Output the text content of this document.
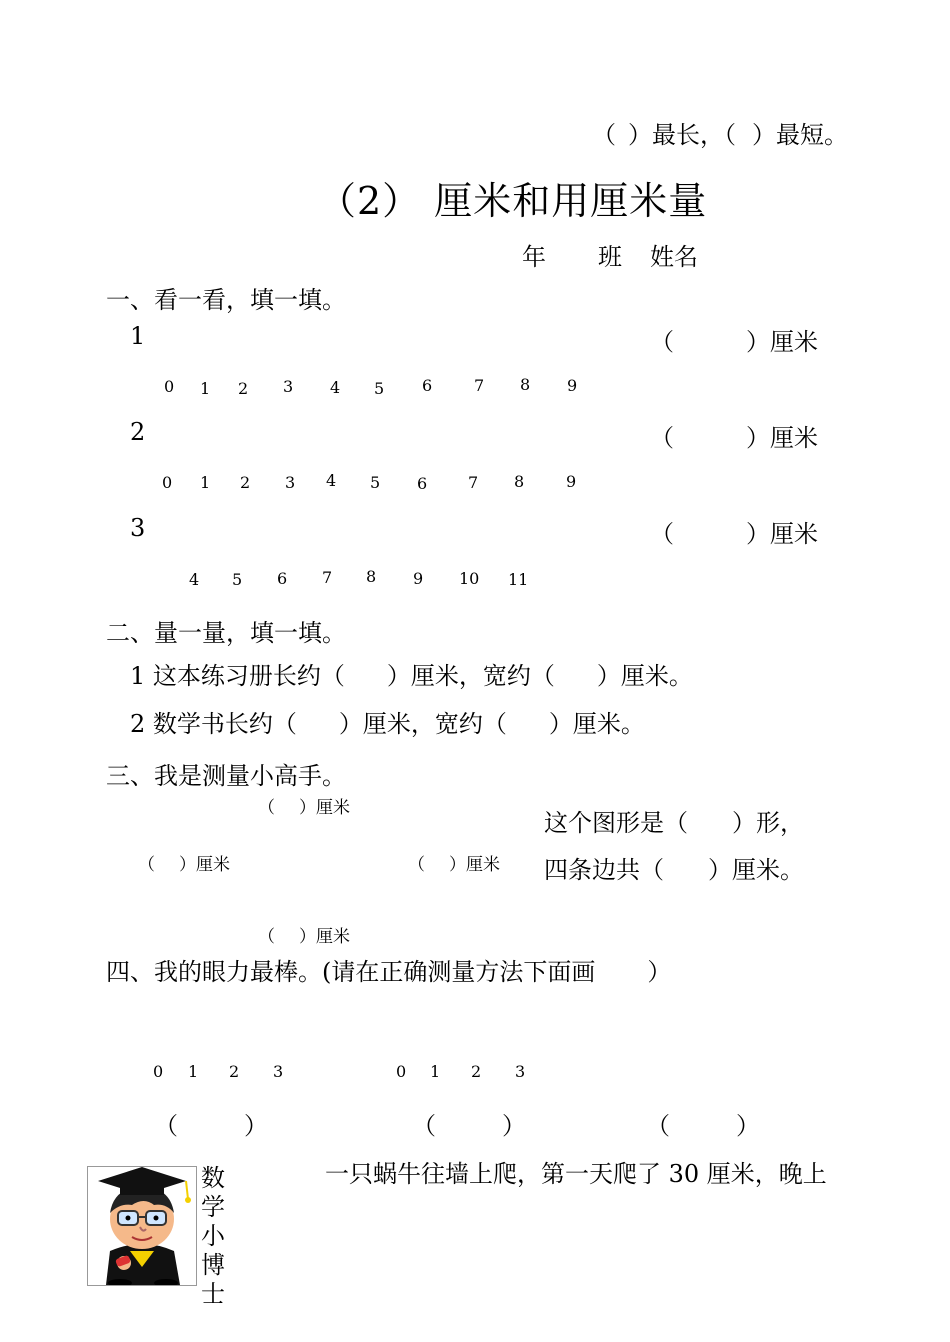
（ ）最长，（ ）最短。
（2） 厘米和用厘米量
年 班 姓名
一、看一看，填一填。
1	（	）厘米
0 1 2 3 4 5 6	7 8 9
2	（	）厘米
0 1 2 3 4 5 6	7 8	9
3	（	）厘米
4 5 6 7 8 9 10 11
二、量一量，填一填。
1 这本练习册长约（ ）厘米，宽约（ ）厘米。
2 数学书长约（ ）厘米，宽约（ ）厘米。
三、我是测量小高手。
（ ）厘米
（ ）厘米	（ ）厘米
（ ）厘米
这个图形是（ ）形，
四条边共（ ）厘米。
四、我的眼力最棒。(请在正确测量方法下面画 ）
0 1 2 3	0 1 2 3
（	）	（	）	（	）
数学小博士
一只蜗牛往墙上爬，第一天爬了 30 厘米，晚上
